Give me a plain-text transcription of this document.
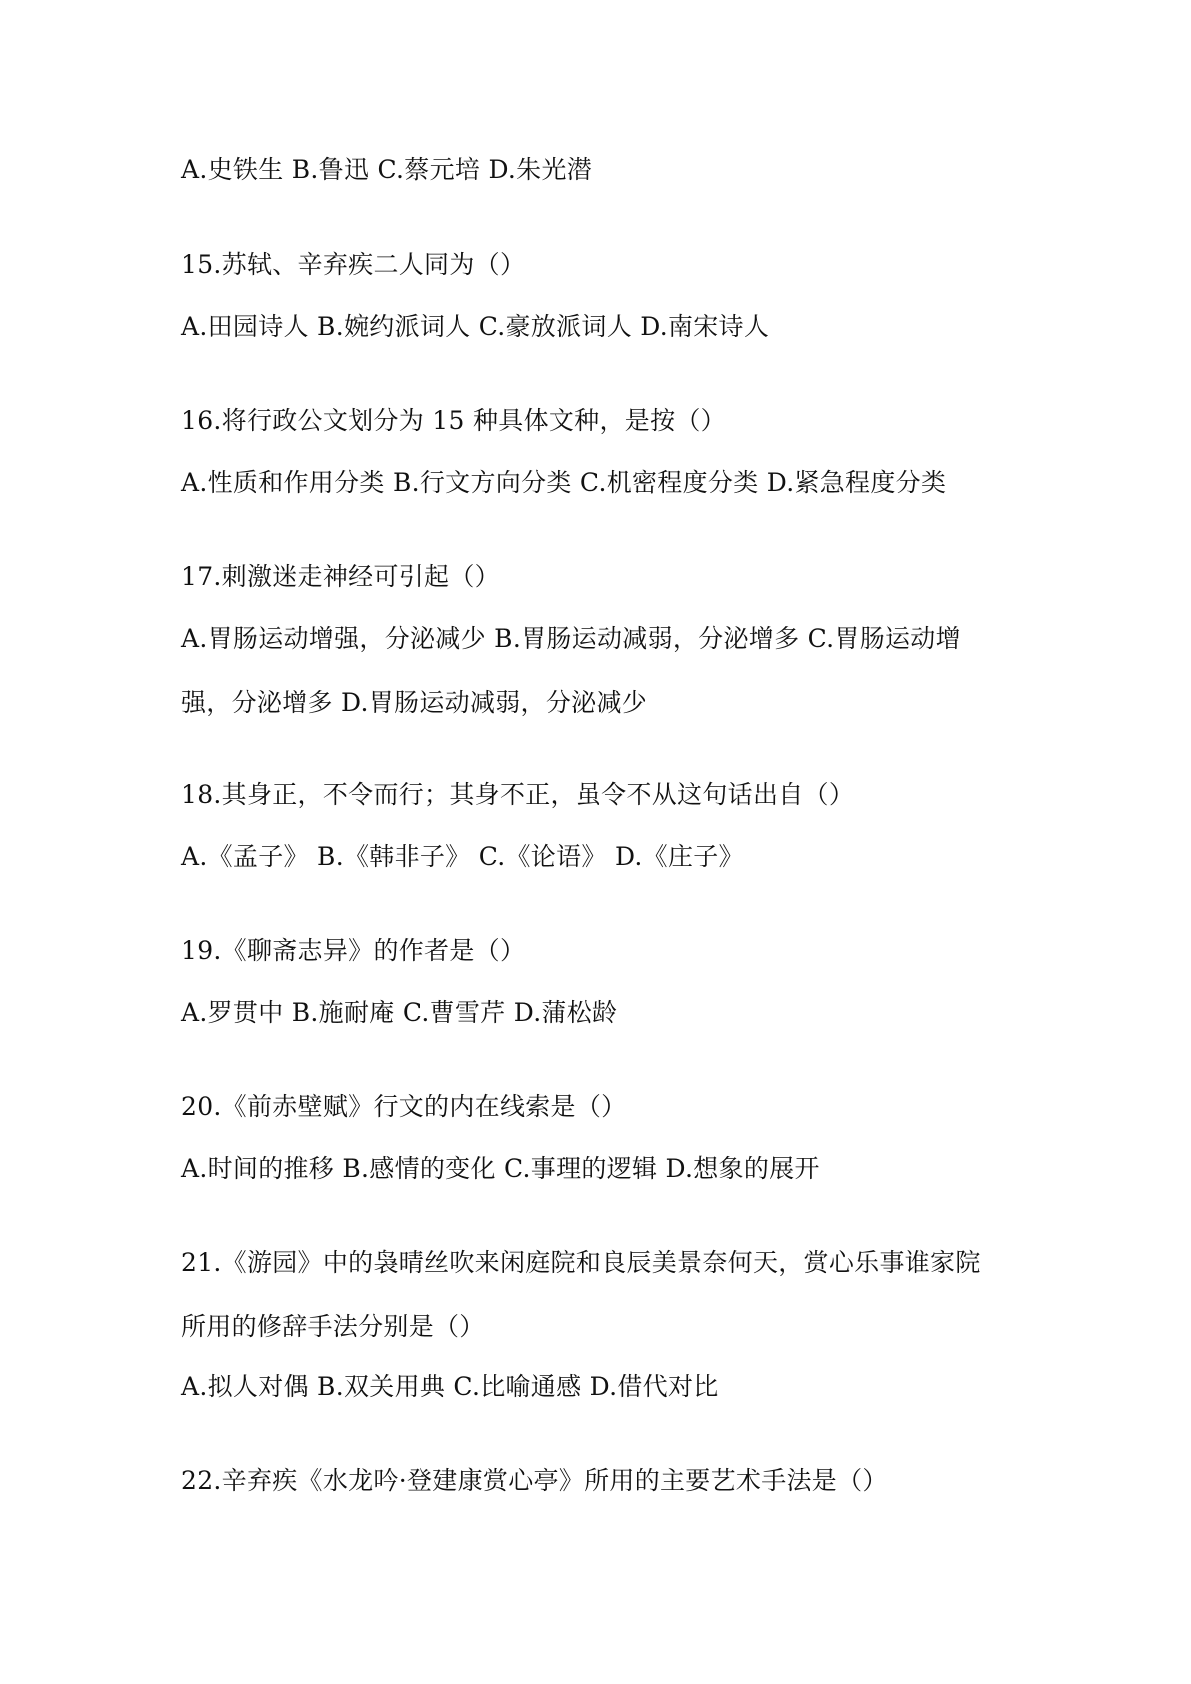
A.史铁生 B.鲁迅 C.蔡元培 D.朱光潜
15.苏轼、辛弃疾二人同为（）
A.田园诗人 B.婉约派词人 C.豪放派词人 D.南宋诗人
16.将行政公文划分为 15 种具体文种，是按（）
A.性质和作用分类 B.行文方向分类 C.机密程度分类 D.紧急程度分类
17.刺激迷走神经可引起（）
A.胃肠运动增强，分泌减少 B.胃肠运动减弱，分泌增多 C.胃肠运动增
强，分泌增多 D.胃肠运动减弱，分泌减少
18.其身正，不令而行；其身不正，虽令不从这句话出自（）
A.《孟子》 B.《韩非子》 C.《论语》 D.《庄子》
19.《聊斋志异》的作者是（）
A.罗贯中 B.施耐庵 C.曹雪芹 D.蒲松龄
20.《前赤壁赋》行文的内在线索是（）
A.时间的推移 B.感情的变化 C.事理的逻辑 D.想象的展开
21.《游园》中的袅晴丝吹来闲庭院和良辰美景奈何天，赏心乐事谁家院
所用的修辞手法分别是（）
A.拟人对偶 B.双关用典 C.比喻通感 D.借代对比
22.辛弃疾《水龙吟·登建康赏心亭》所用的主要艺术手法是（）
